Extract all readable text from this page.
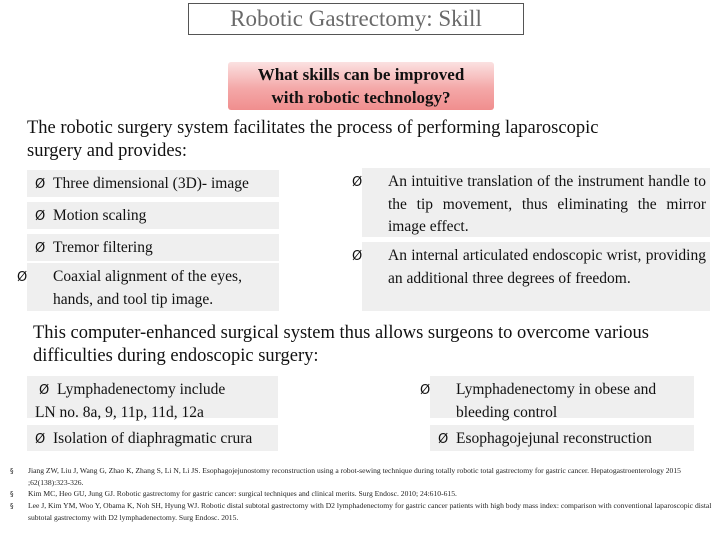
Robotic Gastrectomy: Skill
What skills can be improved
with robotic technology?
The robotic surgery system facilitates the process of performing laparoscopic
surgery and provides:
Ø Three dimensional (3D)- image
Ø Motion scaling
Ø Tremor filtering
Ø Coaxial alignment of the eyes, hands, and tool tip image.
Ø An intuitive translation of the instrument handle to the tip movement, thus eliminating the mirror image effect.
Ø An internal articulated endoscopic wrist, providing an additional three degrees of freedom.
This computer-enhanced surgical system thus allows surgeons to overcome various
difficulties during endoscopic surgery:
Ø Lymphadenectomy include
LN no. 8a, 9, 11p, 11d, 12a
Ø Lymphadenectomy in obese and bleeding control
Ø Isolation of diaphragmatic crura	Ø Esophagojejunal reconstruction
§ Jiang ZW, Liu J, Wang G, Zhao K, Zhang S, Li N, Li JS. Esophagojejunostomy reconstruction using a robot-sewing technique during totally robotic total gastrectomy for gastric cancer. Hepatogastroenterology 2015 ;62(138):323-326.
§ Kim MC, Heo GU, Jung GJ. Robotic gastrectomy for gastric cancer: surgical techniques and clinical merits. Surg Endosc. 2010; 24:610-615.
§ Lee J, Kim YM, Woo Y, Obama K, Noh SH, Hyung WJ. Robotic distal subtotal gastrectomy with D2 lymphadenectomy for gastric cancer patients with high body mass index: comparison with conventional laparoscopic distal subtotal gastrectomy with D2 lymphadenectomy. Surg Endosc. 2015.
